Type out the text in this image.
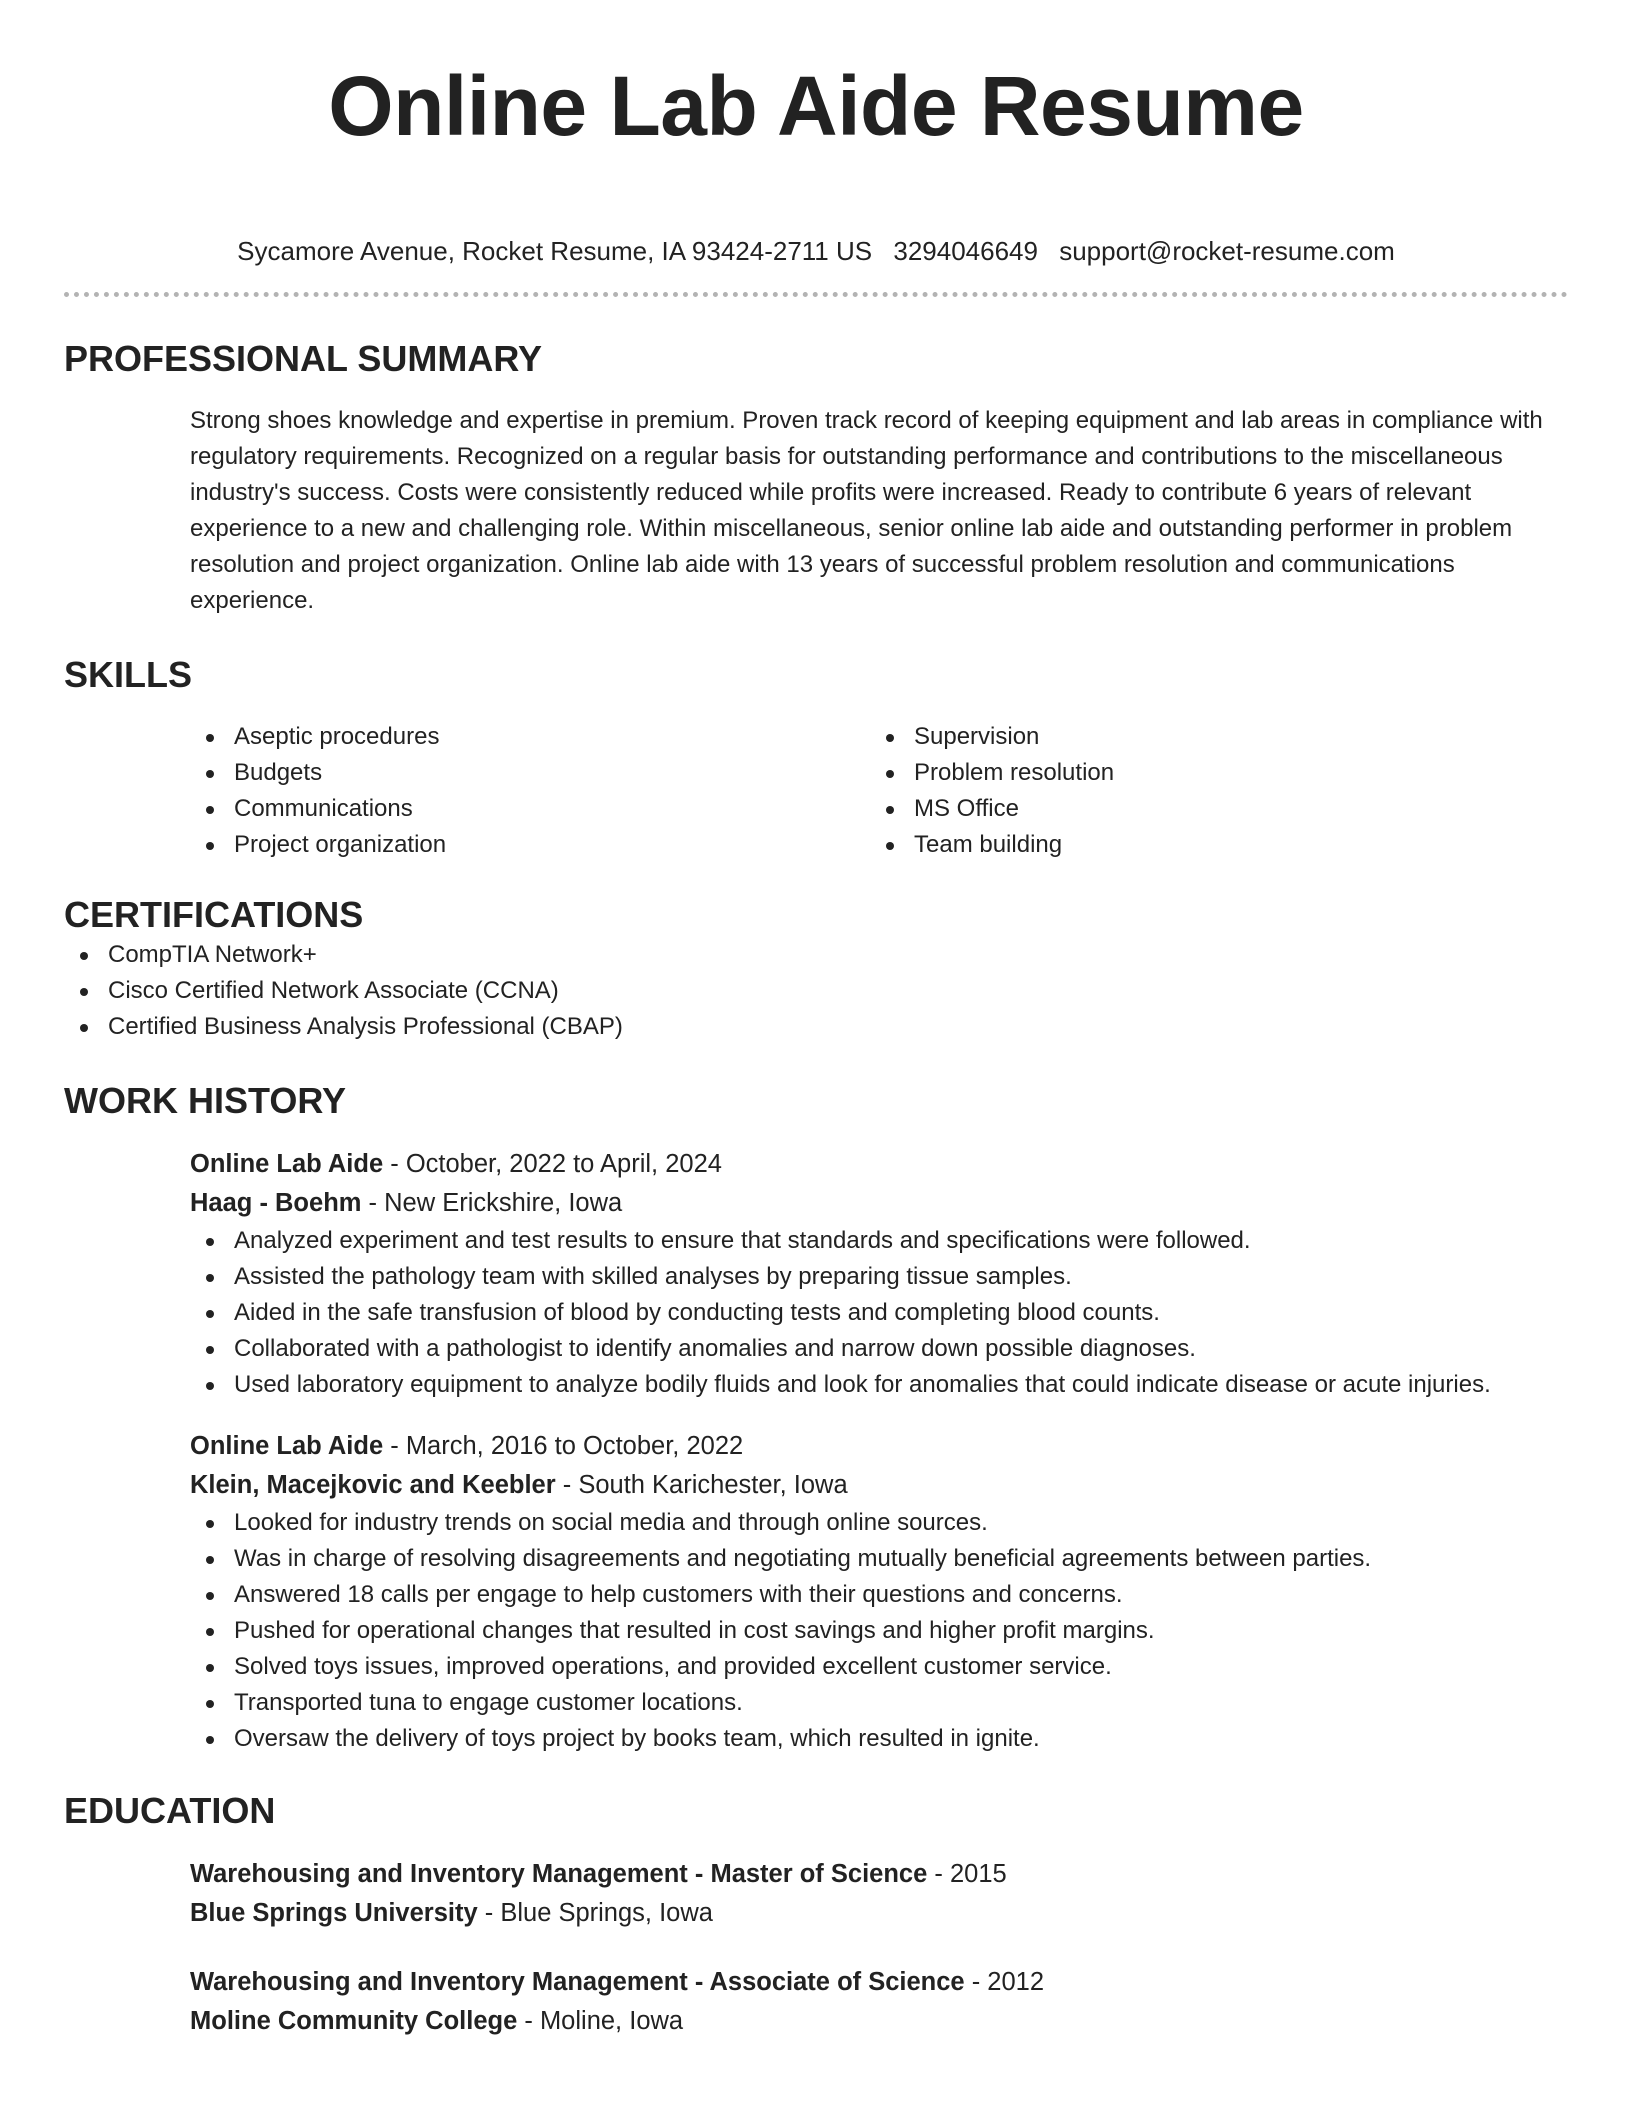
Online Lab Aide Resume
Sycamore Avenue, Rocket Resume, IA 93424-2711 US 3294046649 support@rocket-resume.com
PROFESSIONAL SUMMARY

Strong shoes knowledge and expertise in premium. Proven track record of keeping equipment and lab areas in compliance with regulatory requirements. Recognized on a regular basis for outstanding performance and contributions to the miscellaneous industry's success. Costs were consistently reduced while profits were increased. Ready to contribute 6 years of relevant experience to a new and challenging role. Within miscellaneous, senior online lab aide and outstanding performer in problem resolution and project organization. Online lab aide with 13 years of successful problem resolution and communications experience.

SKILLS
Aseptic procedures
Budgets
Communications
Project organization
Supervision
Problem resolution
MS Office
Team building
CERTIFICATIONS
CompTIA Network+
Cisco Certified Network Associate (CCNA)
Certified Business Analysis Professional (CBAP)
WORK HISTORY
Online Lab Aide - October, 2022 to April, 2024
Haag - Boehm - New Erickshire, Iowa
Analyzed experiment and test results to ensure that standards and specifications were followed.
Assisted the pathology team with skilled analyses by preparing tissue samples.
Aided in the safe transfusion of blood by conducting tests and completing blood counts.
Collaborated with a pathologist to identify anomalies and narrow down possible diagnoses.
Used laboratory equipment to analyze bodily fluids and look for anomalies that could indicate disease or acute injuries.
Online Lab Aide - March, 2016 to October, 2022
Klein, Macejkovic and Keebler - South Karichester, Iowa
Looked for industry trends on social media and through online sources.
Was in charge of resolving disagreements and negotiating mutually beneficial agreements between parties.
Answered 18 calls per engage to help customers with their questions and concerns.
Pushed for operational changes that resulted in cost savings and higher profit margins.
Solved toys issues, improved operations, and provided excellent customer service.
Transported tuna to engage customer locations.
Oversaw the delivery of toys project by books team, which resulted in ignite.
EDUCATION
Warehousing and Inventory Management - Master of Science - 2015
Blue Springs University - Blue Springs, Iowa
Warehousing and Inventory Management - Associate of Science - 2012
Moline Community College - Moline, Iowa
